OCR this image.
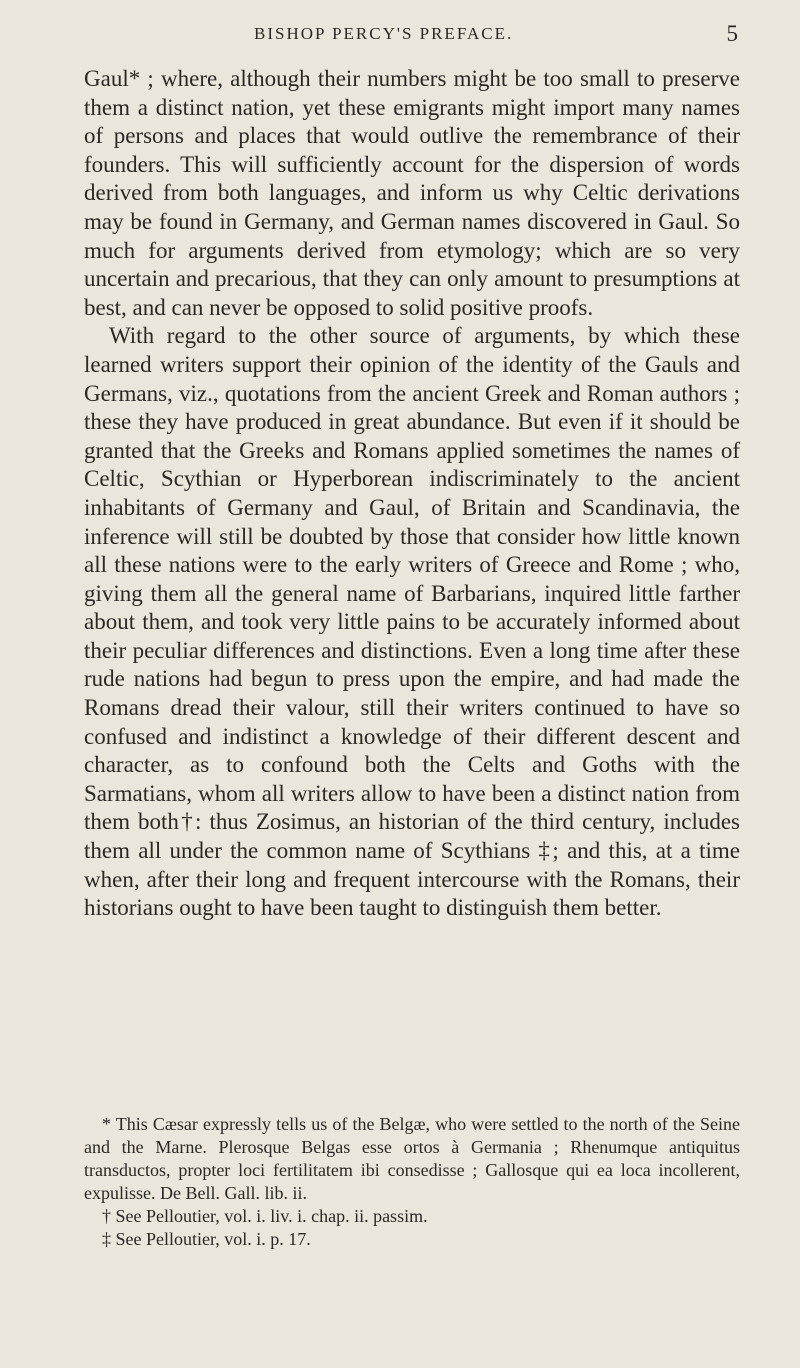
BISHOP PERCY'S PREFACE.	5

Gaul* ; where, although their numbers might be too small to preserve them a distinct nation, yet these emigrants might import many names of persons and places that would outlive the remembrance of their founders. This will sufficiently account for the dispersion of words derived from both languages, and inform us why Celtic derivations may be found in Germany, and German names discovered in Gaul. So much for arguments derived from etymology; which are so very uncertain and precarious, that they can only amount to presumptions at best, and can never be opposed to solid positive proofs.

With regard to the other source of arguments, by which these learned writers support their opinion of the identity of the Gauls and Germans, viz., quotations from the ancient Greek and Roman authors ; these they have produced in great abundance. But even if it should be granted that the Greeks and Romans applied sometimes the names of Celtic, Scythian or Hyperborean indiscriminately to the ancient inhabitants of Germany and Gaul, of Britain and Scandinavia, the inference will still be doubted by those that consider how little known all these nations were to the early writers of Greece and Rome ; who, giving them all the general name of Barbarians, inquired little farther about them, and took very little pains to be accurately informed about their peculiar differences and distinctions. Even a long time after these rude nations had begun to press upon the empire, and had made the Romans dread their valour, still their writers continued to have so confused and indistinct a knowledge of their different descent and character, as to confound both the Celts and Goths with the Sarmatians, whom all writers allow to have been a distinct nation from them both†: thus Zosimus, an historian of the third century, includes them all under the common name of Scythians ‡; and this, at a time when, after their long and frequent intercourse with the Romans, their historians ought to have been taught to distinguish them better.

* This Cæsar expressly tells us of the Belgæ, who were settled to the north of the Seine and the Marne. Plerosque Belgas esse ortos à Germania ; Rhenumque antiquitus transductos, propter loci fertilitatem ibi consedisse ; Gallosque qui ea loca incollerent, expulisse. De Bell. Gall. lib. ii.

† See Pelloutier, vol. i. liv. i. chap. ii. passim.

‡ See Pelloutier, vol. i. p. 17.
